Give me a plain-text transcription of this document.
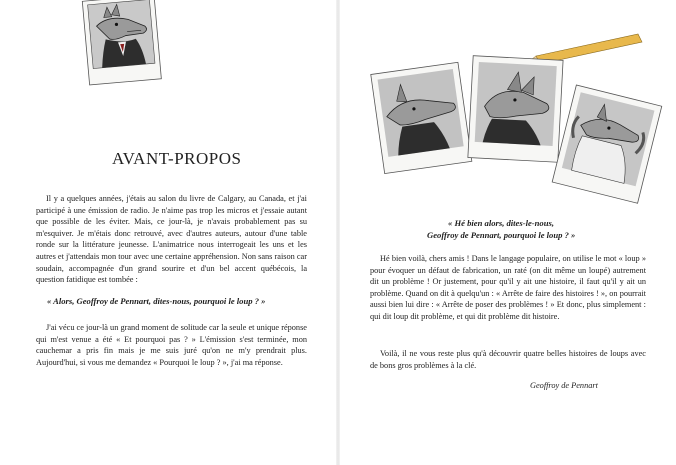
AVANT-PROPOS

Il y a quelques années, j'étais au salon du livre de Calgary, au Canada, et j'ai participé à une émission de radio. Je n'aime pas trop les micros et j'essaie autant que possible de les éviter. Mais, ce jour-là, je n'avais probablement pas su m'esquiver. Je m'étais donc retrouvé, avec d'autres auteurs, autour d'une table ronde sur la littérature jeunesse. L'animatrice nous interrogeait les uns et les autres et j'attendais mon tour avec une certaine appréhension. Non sans raison car soudain, accompagnée d'un grand sourire et d'un bel accent québécois, la question fatidique est tombée :

« Alors, Geoffroy de Pennart, dites-nous, pourquoi le loup ? »

J'ai vécu ce jour-là un grand moment de solitude car la seule et unique réponse qui m'est venue a été « Et pourquoi pas ? » L'émission s'est terminée, mon cauchemar a pris fin mais je me suis juré qu'on ne m'y prendrait plus. Aujourd'hui, si vous me demandez « Pourquoi le loup ? », j'ai ma réponse.

« Hé bien alors, dites-le-nous,

Geoffroy de Pennart, pourquoi le loup ? »

Hé bien voilà, chers amis ! Dans le langage populaire, on utilise le mot « loup » pour évoquer un défaut de fabrication, un raté (on dit même un loupé) autrement dit un problème ! Or justement, pour qu'il y ait une histoire, il faut qu'il y ait un problème. Quand on dit à quelqu'un : « Arrête de faire des histoires ! », on pourrait aussi bien lui dire : « Arrête de poser des problèmes ! » Et donc, plus simplement : qui dit loup dit problème, et qui dit problème dit histoire.

Voilà, il ne vous reste plus qu'à découvrir quatre belles histoires de loups avec de bons gros problèmes à la clé.

Geoffroy de Pennart
